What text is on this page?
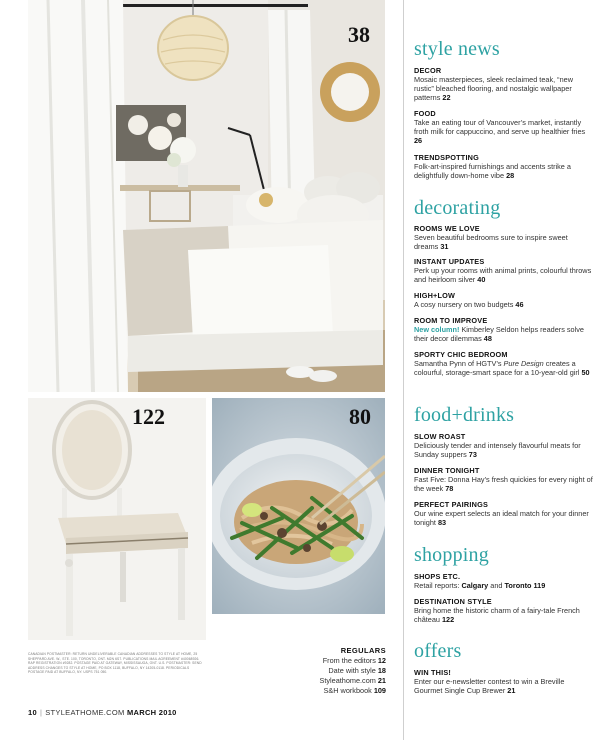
38
122	80
style news
DECOR
Mosaic masterpieces, sleek reclaimed teak, “new rustic” bleached flooring, and nostalgic wallpaper patterns 22
FOOD
Take an eating tour of Vancouver’s market, instantly froth milk for cappuccino, and serve up healthier fries 26
TRENDSPOTTING
Folk-art-inspired furnishings and accents strike a delightfully down-home vibe 28
decorating
ROOMS WE LOVE
Seven beautiful bedrooms sure to inspire sweet dreams 31
INSTANT UPDATES
Perk up your rooms with animal prints, colourful throws and heirloom silver 40
HIGH+LOW
A cosy nursery on two budgets 46
ROOM TO IMPROVE
New column! Kimberley Seldon helps readers solve their decor dilemmas 48
SPORTY CHIC BEDROOM
Samantha Pynn of HGTV’s Pure Design creates a colourful, storage-smart space for a 10-year-old girl 50
food+drinks
SLOW ROAST
Deliciously tender and intensely flavourful meats for Sunday suppers 73
DINNER TONIGHT
Fast Five: Donna Hay’s fresh quickies for every night of the week 78
PERFECT PAIRINGS
Our wine expert selects an ideal match for your dinner tonight 83
shopping
SHOPS ETC.
Retail reports: Calgary and Toronto 119
DESTINATION STYLE
Bring home the historic charm of a fairy-tale French château 122
offers
WIN THIS!
Enter our e-newsletter contest to win a Breville Gourmet Single Cup Brewer 21
REGULARS
From the editors 12
Date with style 18
Styleathome.com 21
S&H workbook 109
CANADIAN POSTMASTER: RETURN UNDELIVERABLE CANADIAN ADDRESSES TO STYLE AT HOME, 25 SHEPPARD AVE. W., STE. 100, TORONTO, ONT. M2N 6S7. PUBLICATIONS MAIL AGREEMENT #40068926. RAP REGISTRATION #9282. POSTAGE PAID AT GATEWAY, MISSISSAUGA, ONT. U.S. POSTMASTER: SEND ADDRESS CHANGES TO STYLE AT HOME, PO BOX 1118, BUFFALO, NY 14205-0118. PERIODICALS POSTAGE PAID AT BUFFALO, NY. USPS 751 050.
10 | STYLEATHOME.COM MARCH 2010
